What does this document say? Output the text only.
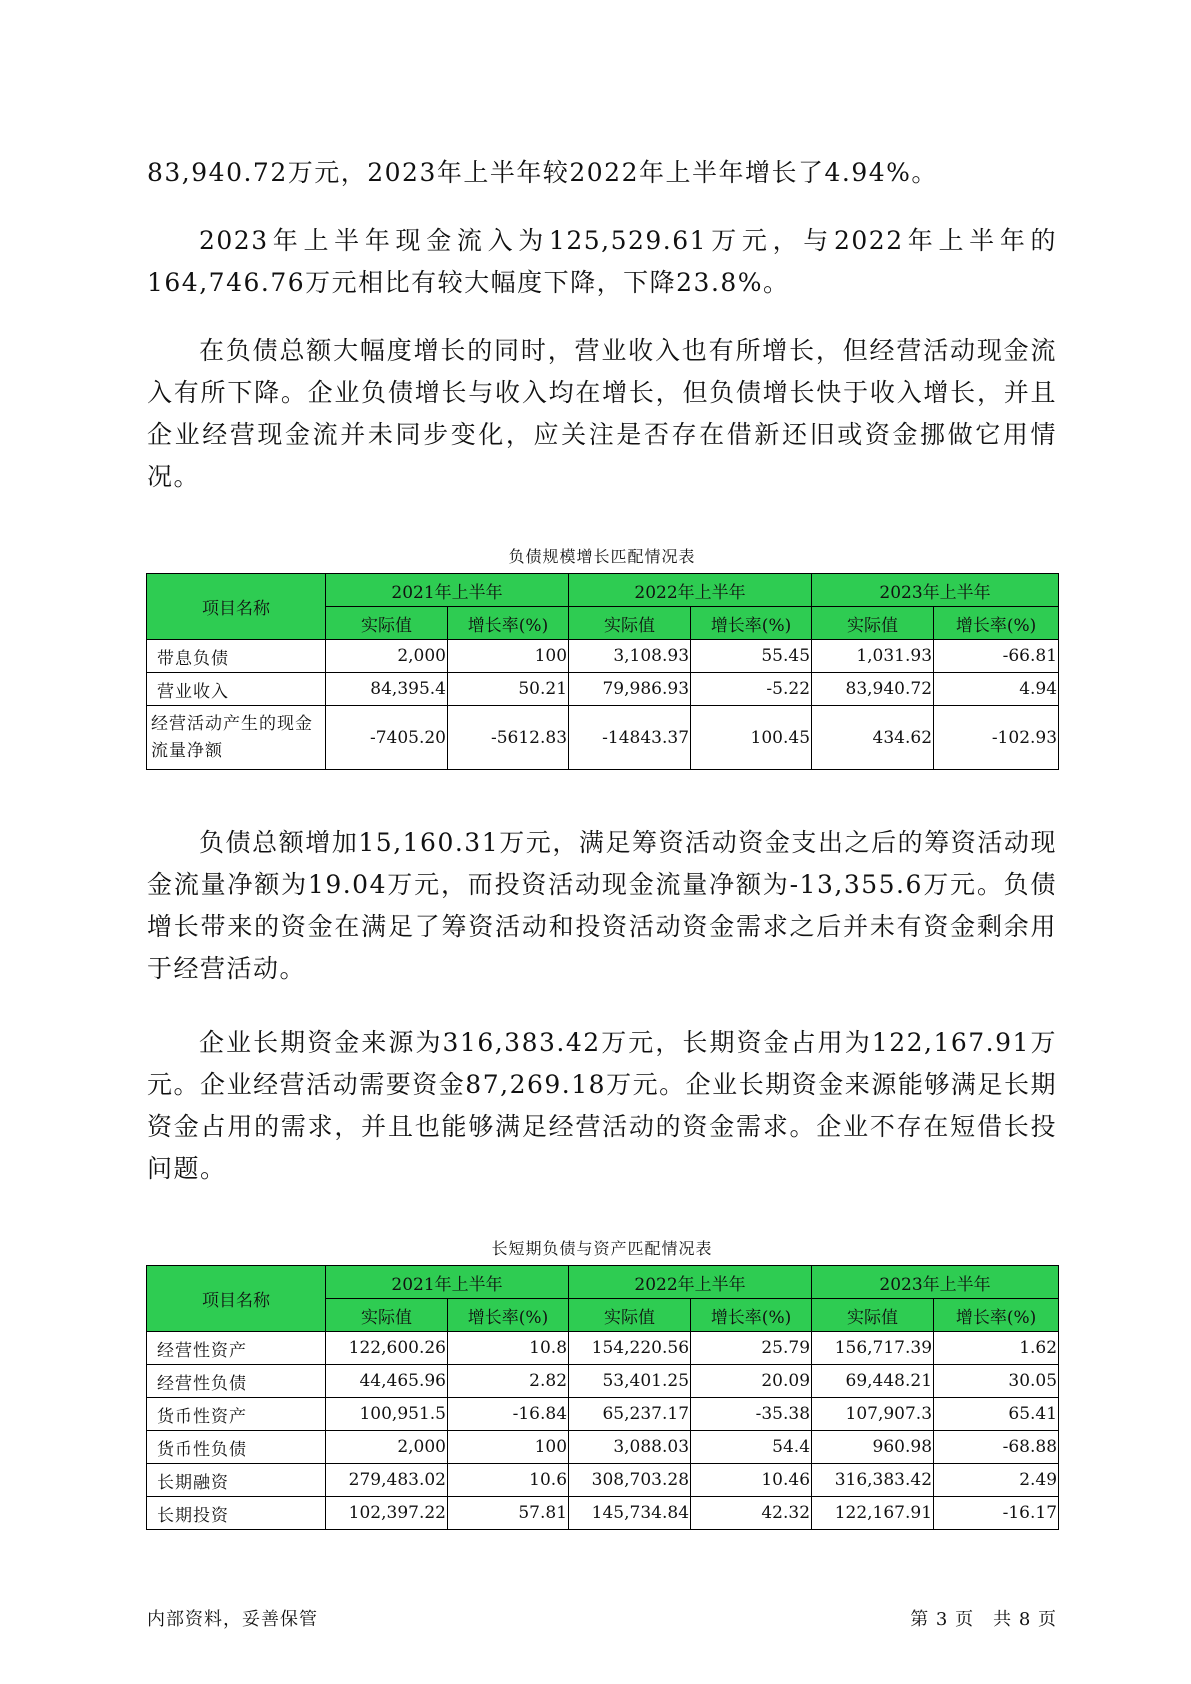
83,940.72万元，2023年上半年较2022年上半年增长了4.94%。

2023年上半年现金流入为125,529.61万元，与2022年上半年的164,746.76万元相比有较大幅度下降，下降23.8%。

在负债总额大幅度增长的同时，营业收入也有所增长，但经营活动现金流入有所下降。企业负债增长与收入均在增长，但负债增长快于收入增长，并且企业经营现金流并未同步变化，应关注是否存在借新还旧或资金挪做它用情况。

负债规模增长匹配情况表
项目名称	2021年上半年		2022年上半年		2023年上半年	
	实际值	增长率(%)	实际值	增长率(%)	实际值	增长率(%)
带息负债	2,000	100	3,108.93	55.45	1,031.93	-66.81
营业收入	84,395.4	50.21	79,986.93	-5.22	83,940.72	4.94
经营活动产生的现金流量净额	-7405.20	-5612.83	-14843.37	100.45	434.62	-102.93

负债总额增加15,160.31万元，满足筹资活动资金支出之后的筹资活动现金流量净额为19.04万元，而投资活动现金流量净额为-13,355.6万元。负债增长带来的资金在满足了筹资活动和投资活动资金需求之后并未有资金剩余用于经营活动。

企业长期资金来源为316,383.42万元，长期资金占用为122,167.91万元。企业经营活动需要资金87,269.18万元。企业长期资金来源能够满足长期资金占用的需求，并且也能够满足经营活动的资金需求。企业不存在短借长投问题。

长短期负债与资产匹配情况表
项目名称	2021年上半年		2022年上半年		2023年上半年	
	实际值	增长率(%)	实际值	增长率(%)	实际值	增长率(%)
经营性资产	122,600.26	10.8	154,220.56	25.79	156,717.39	1.62
经营性负债	44,465.96	2.82	53,401.25	20.09	69,448.21	30.05
货币性资产	100,951.5	-16.84	65,237.17	-35.38	107,907.3	65.41
货币性负债	2,000	100	3,088.03	54.4	960.98	-68.88
长期融资	279,483.02	10.6	308,703.28	10.46	316,383.42	2.49
长期投资	102,397.22	57.81	145,734.84	42.32	122,167.91	-16.17
内部资料，妥善保管	第 3 页　共 8 页
